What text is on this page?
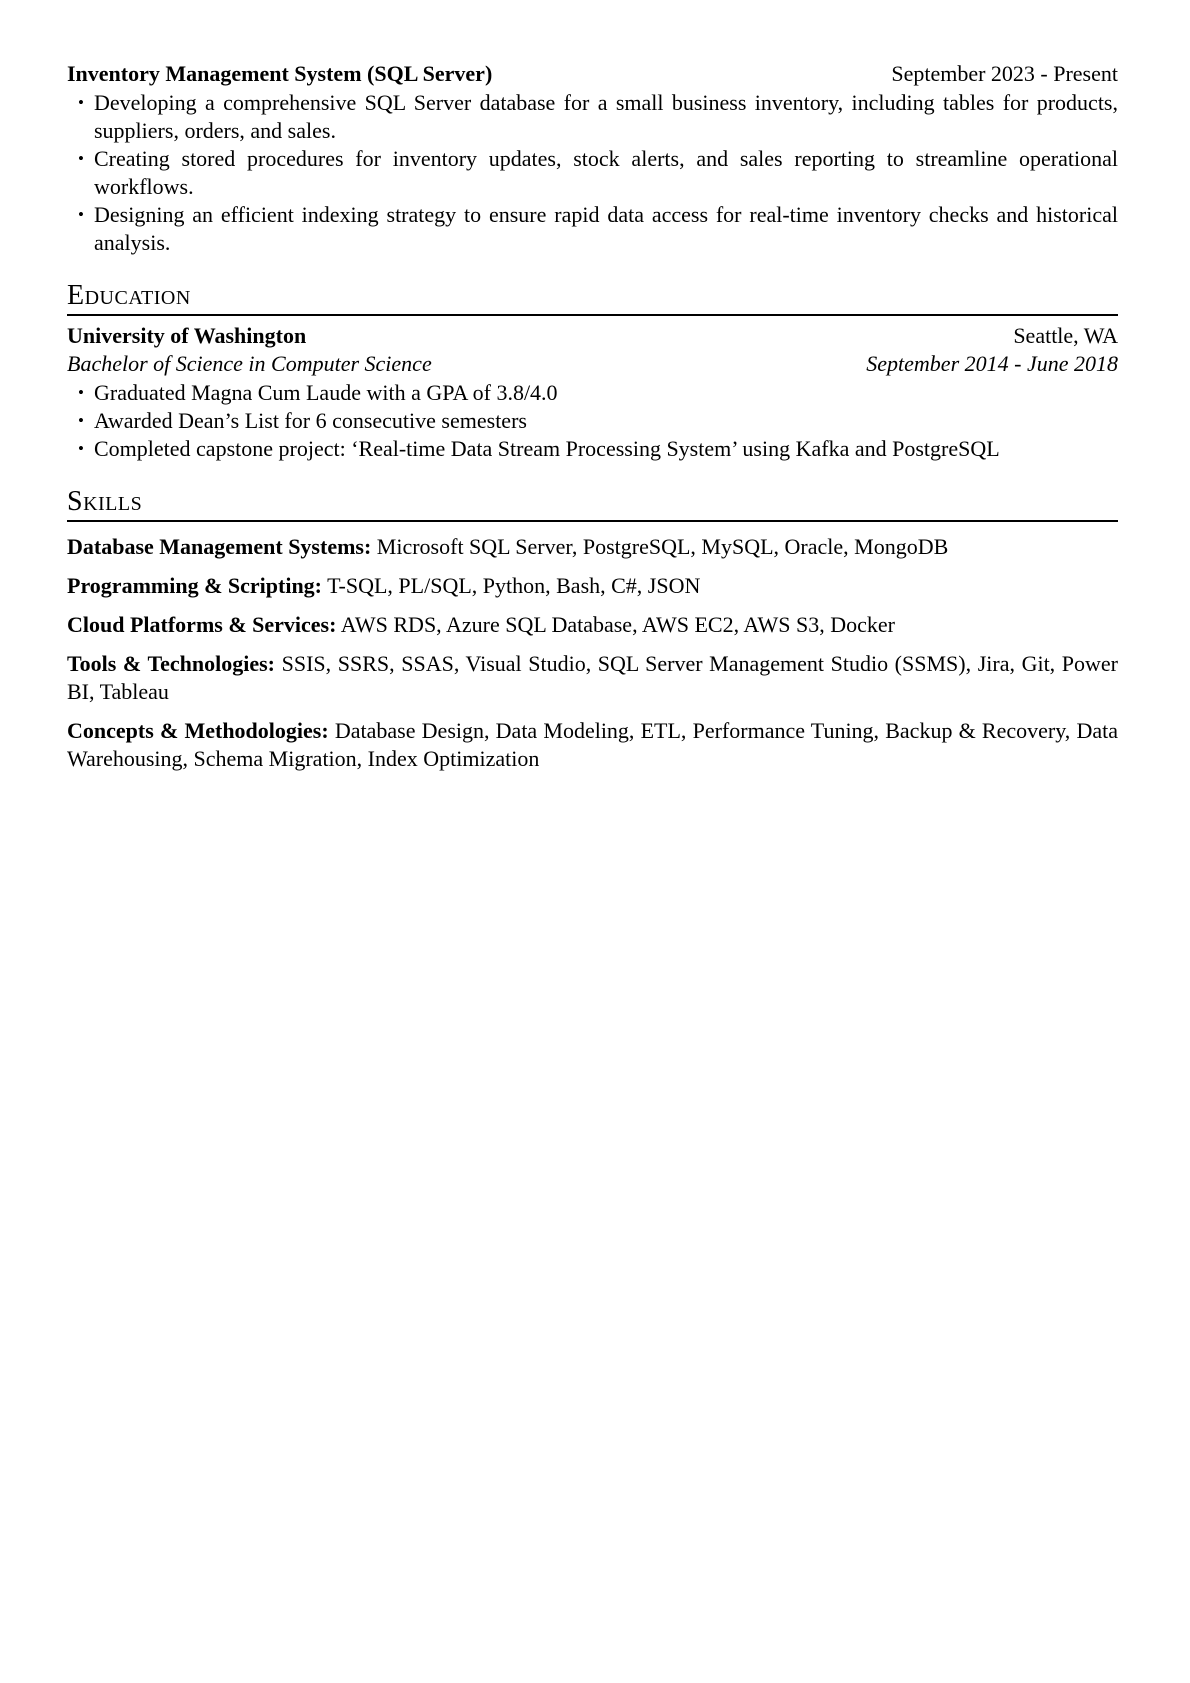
Inventory Management System (SQL Server)	September 2023 - Present
• Developing a comprehensive SQL Server database for a small business inventory, including tables for products, suppliers, orders, and sales.
• Creating stored procedures for inventory updates, stock alerts, and sales reporting to streamline operational workflows.
• Designing an efficient indexing strategy to ensure rapid data access for real-time inventory checks and historical analysis.
Education
University of Washington	Seattle, WA
Bachelor of Science in Computer Science	September 2014 - June 2018
• Graduated Magna Cum Laude with a GPA of 3.8/4.0
• Awarded Dean’s List for 6 consecutive semesters
• Completed capstone project: ‘Real-time Data Stream Processing System’ using Kafka and PostgreSQL
Skills

Database Management Systems: Microsoft SQL Server, PostgreSQL, MySQL, Oracle, MongoDB

Programming & Scripting: T-SQL, PL/SQL, Python, Bash, C#, JSON

Cloud Platforms & Services: AWS RDS, Azure SQL Database, AWS EC2, AWS S3, Docker

Tools & Technologies: SSIS, SSRS, SSAS, Visual Studio, SQL Server Management Studio (SSMS), Jira, Git, Power BI, Tableau

Concepts & Methodologies: Database Design, Data Modeling, ETL, Performance Tuning, Backup & Recovery, Data Warehousing, Schema Migration, Index Optimization
